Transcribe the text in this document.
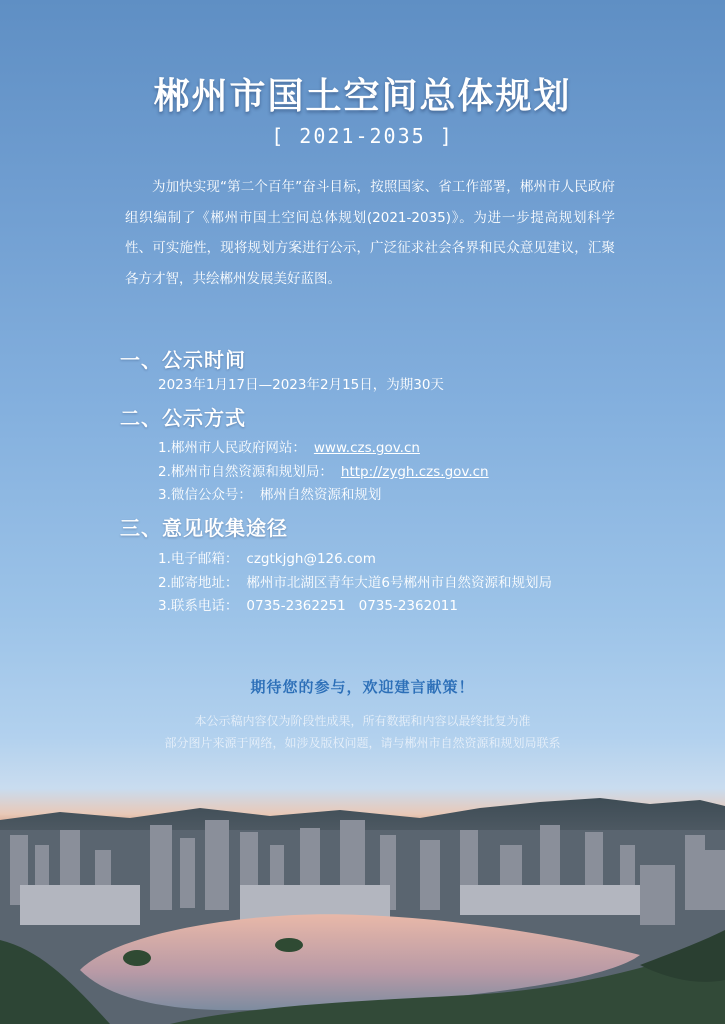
郴州市国土空间总体规划
[ 2021-2035 ]
为加快实现“第二个百年”奋斗目标，按照国家、省工作部署，郴州市人民政府组织编制了《郴州市国土空间总体规划(2021-2035)》。为进一步提高规划科学性、可实施性，现将规划方案进行公示，广泛征求社会各界和民众意见建议，汇聚各方才智，共绘郴州发展美好蓝图。
一、公示时间
2023年1月17日—2023年2月15日，为期30天
二、公示方式
1.郴州市人民政府网站： www.czs.gov.cn
2.郴州市自然资源和规划局： http://zygh.czs.gov.cn
3.微信公众号： 郴州自然资源和规划
三、意见收集途径
1.电子邮箱： czgtkjgh@126.com
2.邮寄地址： 郴州市北湖区青年大道6号郴州市自然资源和规划局
3.联系电话： 0735-2362251   0735-2362011
期待您的参与，欢迎建言献策！
本公示稿内容仅为阶段性成果，所有数据和内容以最终批复为准
部分图片来源于网络，如涉及版权问题，请与郴州市自然资源和规划局联系
